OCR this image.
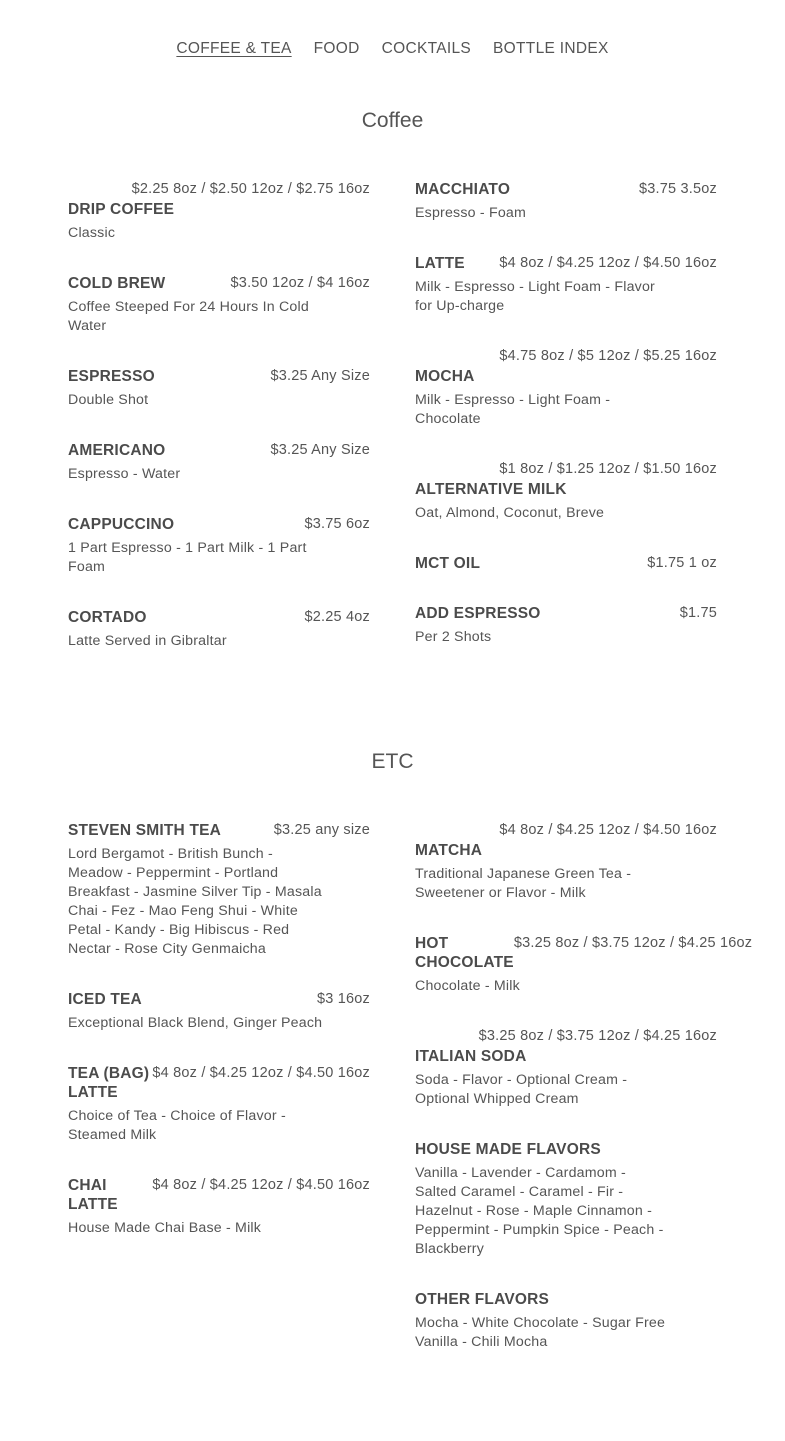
COFFEE & TEA FOOD COCKTAILS BOTTLE INDEX
Coffee
DRIP COFFEE
$2.25 8oz / $2.50 12oz / $2.75 16oz
Classic
COLD BREW	$3.50 12oz / $4 16oz
Coffee Steeped For 24 Hours In Cold Water
ESPRESSO	$3.25 Any Size
Double Shot
AMERICANO	$3.25 Any Size
Espresso - Water
CAPPUCCINO	$3.75 6oz
1 Part Espresso - 1 Part Milk - 1 Part Foam
CORTADO	$2.25 4oz
Latte Served in Gibraltar
MACCHIATO	$3.75 3.5oz
Espresso - Foam
LATTE $4 8oz / $4.25 12oz / $4.50 16oz
Milk - Espresso - Light Foam - Flavor for Up-charge
MOCHA
$4.75 8oz / $5 12oz / $5.25 16oz
Milk - Espresso - Light Foam - Chocolate
ALTERNATIVE MILK
$1 8oz / $1.25 12oz / $1.50 16oz
Oat, Almond, Coconut, Breve
MCT OIL	$1.75 1 oz
ADD ESPRESSO	$1.75
Per 2 Shots
ETC
STEVEN SMITH TEA	$3.25 any size
Lord Bergamot - British Bunch - Meadow - Peppermint - Portland Breakfast - Jasmine Silver Tip - Masala Chai - Fez - Mao Feng Shui - White Petal - Kandy - Big Hibiscus - Red Nectar - Rose City Genmaicha
ICED TEA	$3 16oz
Exceptional Black Blend, Ginger Peach
TEA (BAG) LATTE
$4 8oz / $4.25 12oz / $4.50 16oz
Choice of Tea - Choice of Flavor - Steamed Milk
CHAI LATTE
$4 8oz / $4.25 12oz / $4.50 16oz
House Made Chai Base - Milk
MATCHA
$4 8oz / $4.25 12oz / $4.50 16oz
Traditional Japanese Green Tea - Sweetener or Flavor - Milk
HOT CHOCOLATE
$3.25 8oz / $3.75 12oz / $4.25 16oz
Chocolate - Milk
ITALIAN SODA
$3.25 8oz / $3.75 12oz / $4.25 16oz
Soda - Flavor - Optional Cream - Optional Whipped Cream
HOUSE MADE FLAVORS
Vanilla - Lavender - Cardamom - Salted Caramel - Caramel - Fir - Hazelnut - Rose - Maple Cinnamon - Peppermint - Pumpkin Spice - Peach - Blackberry
OTHER FLAVORS
Mocha - White Chocolate - Sugar Free Vanilla - Chili Mocha
